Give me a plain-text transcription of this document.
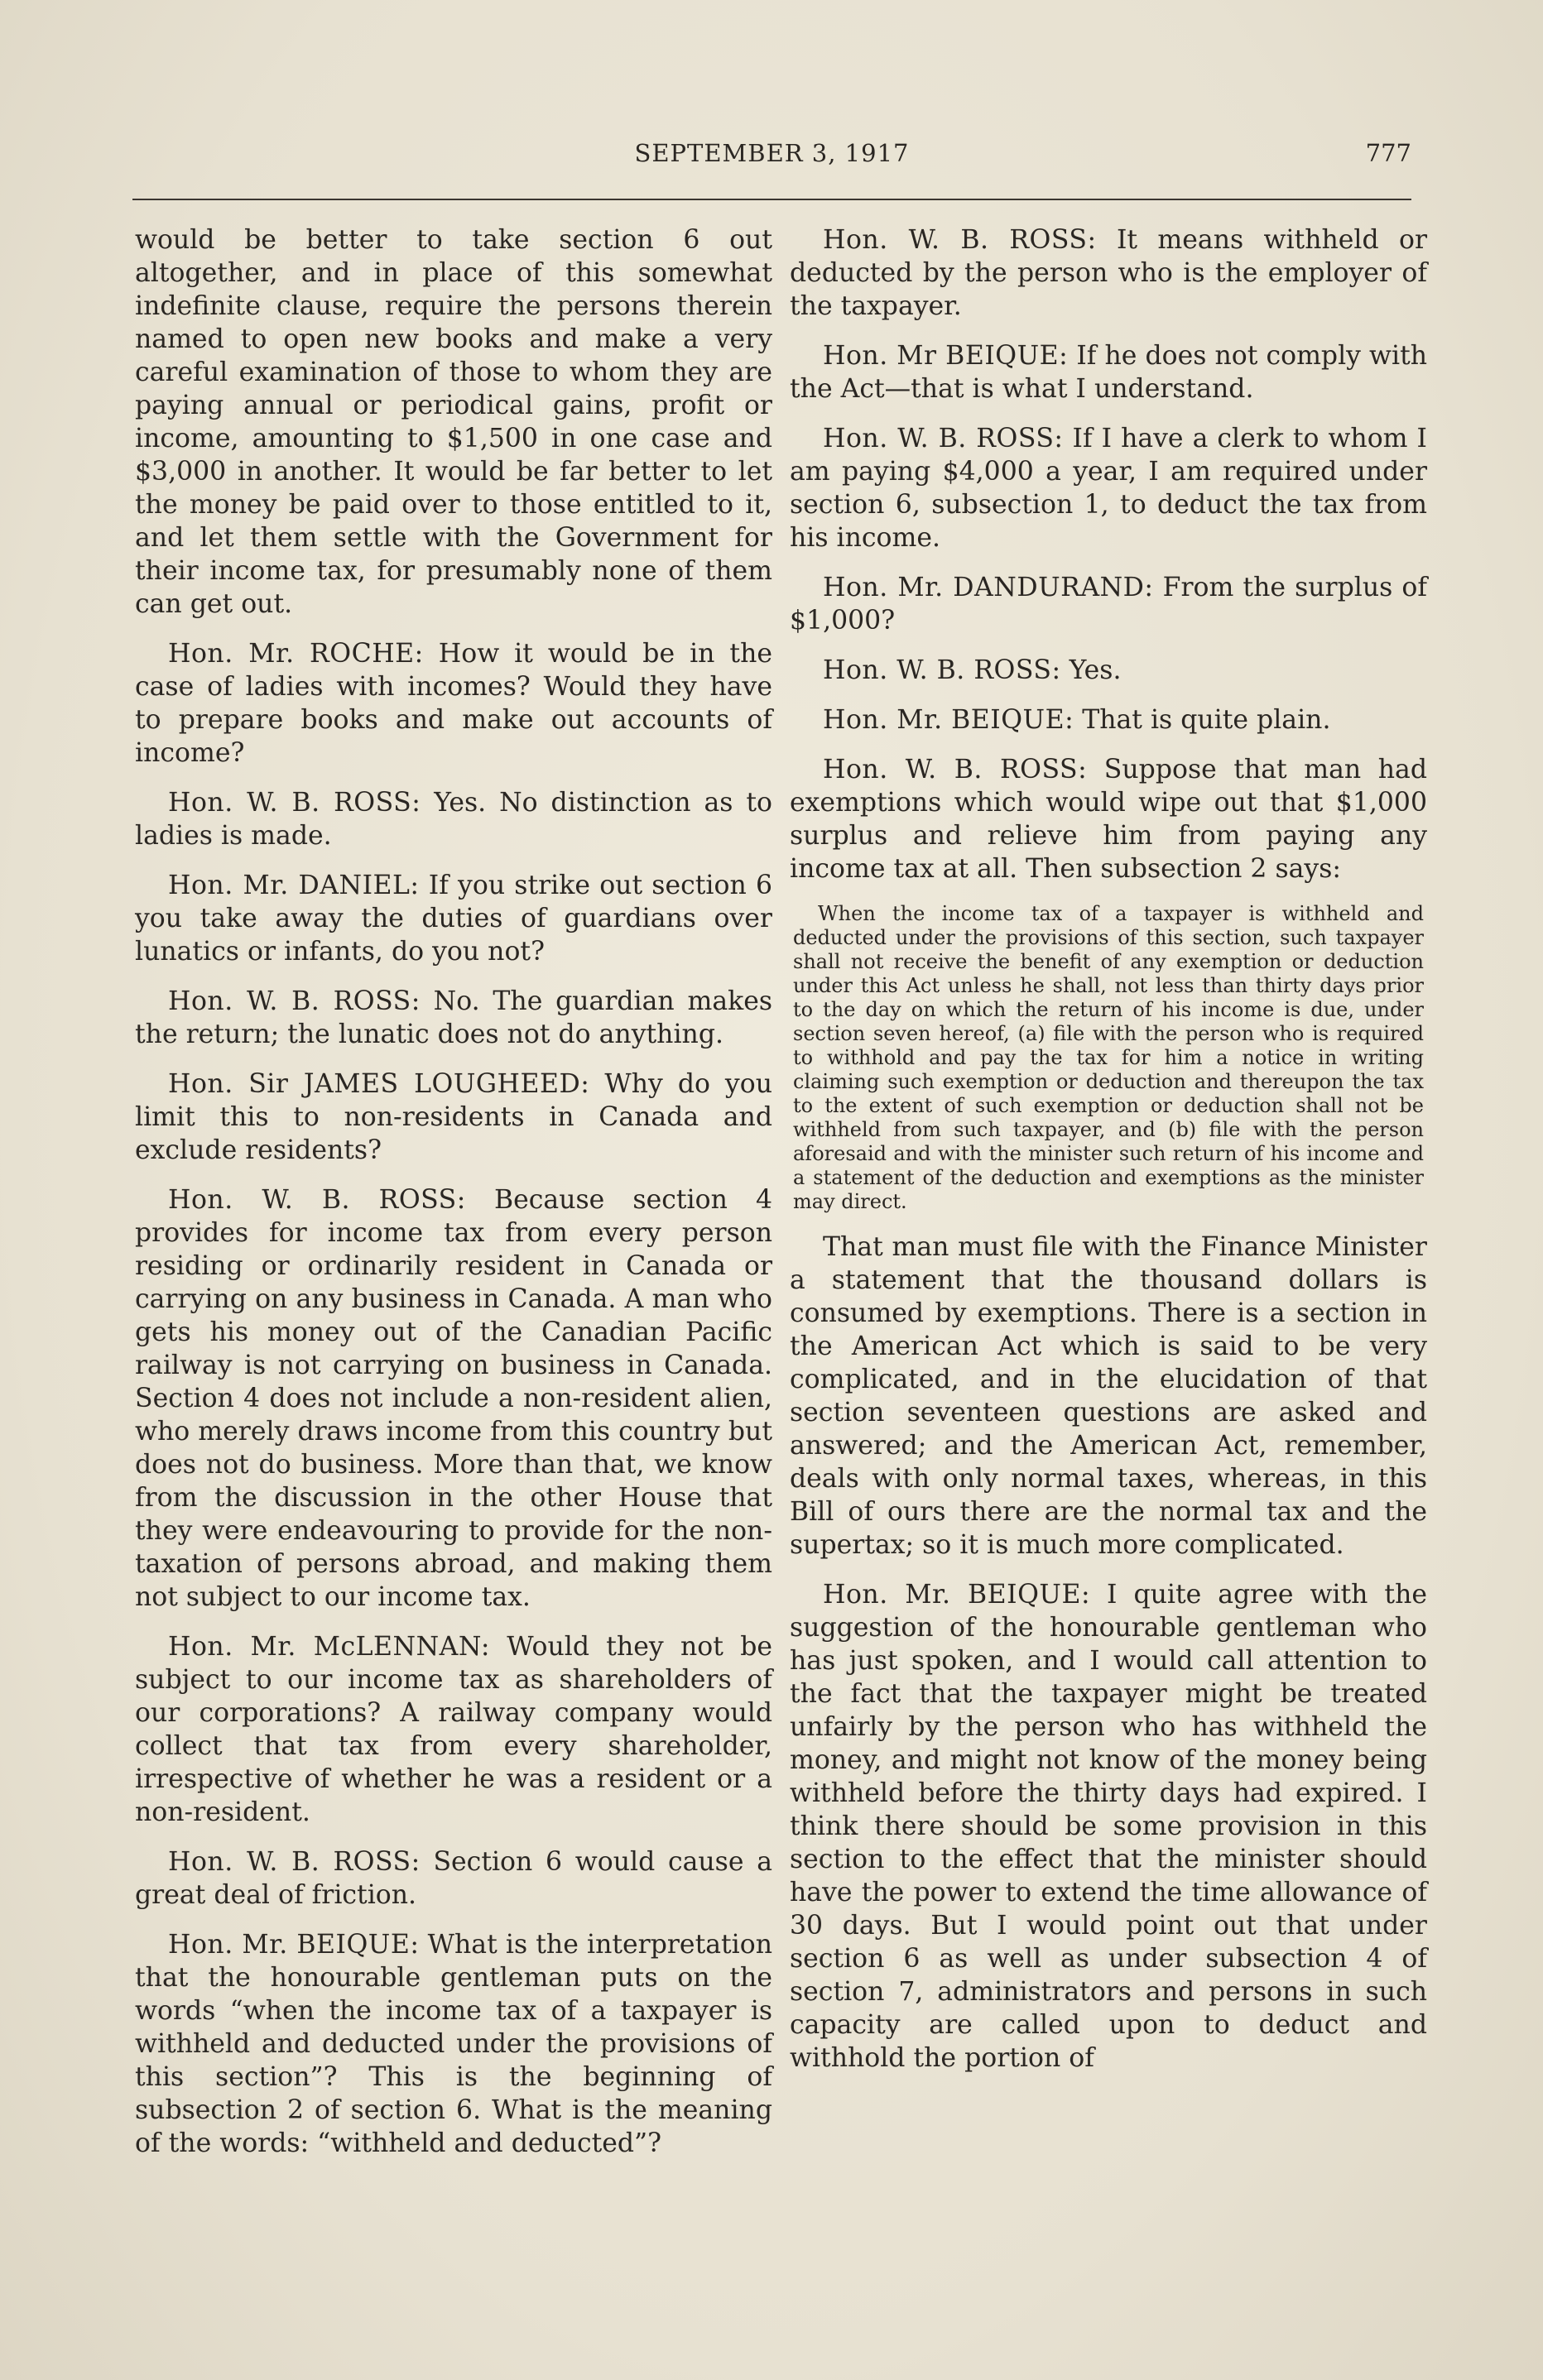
SEPTEMBER 3, 1917	777

would be better to take section 6 out altogether, and in place of this somewhat indefinite clause, require the persons therein named to open new books and make a very careful examination of those to whom they are paying annual or periodical gains, profit or income, amounting to $1,500 in one case and $3,000 in another. It would be far better to let the money be paid over to those entitled to it, and let them settle with the Government for their income tax, for presumably none of them can get out.

Hon. Mr. ROCHE: How it would be in the case of ladies with incomes? Would they have to prepare books and make out accounts of income?

Hon. W. B. ROSS: Yes. No distinction as to ladies is made.

Hon. Mr. DANIEL: If you strike out section 6 you take away the duties of guardians over lunatics or infants, do you not?

Hon. W. B. ROSS: No. The guardian makes the return; the lunatic does not do anything.

Hon. Sir JAMES LOUGHEED: Why do you limit this to non-residents in Canada and exclude residents?

Hon. W. B. ROSS: Because section 4 provides for income tax from every person residing or ordinarily resident in Canada or carrying on any business in Canada. A man who gets his money out of the Canadian Pacific railway is not carrying on business in Canada. Section 4 does not include a non-resident alien, who merely draws income from this country but does not do business. More than that, we know from the discussion in the other House that they were endeavouring to provide for the non-taxation of persons abroad, and making them not subject to our income tax.

Hon. Mr. McLENNAN: Would they not be subject to our income tax as shareholders of our corporations? A railway company would collect that tax from every shareholder, irrespective of whether he was a resident or a non-resident.

Hon. W. B. ROSS: Section 6 would cause a great deal of friction.

Hon. Mr. BEIQUE: What is the interpretation that the honourable gentleman puts on the words “when the income tax of a taxpayer is withheld and deducted under the provisions of this section”? This is the beginning of subsection 2 of section 6. What is the meaning of the words: “withheld and deducted”?

Hon. W. B. ROSS: It means withheld or deducted by the person who is the employer of the taxpayer.

Hon. Mr BEIQUE: If he does not comply with the Act—that is what I understand.

Hon. W. B. ROSS: If I have a clerk to whom I am paying $4,000 a year, I am required under section 6, subsection 1, to deduct the tax from his income.

Hon. Mr. DANDURAND: From the surplus of $1,000?

Hon. W. B. ROSS: Yes.

Hon. Mr. BEIQUE: That is quite plain.

Hon. W. B. ROSS: Suppose that man had exemptions which would wipe out that $1,000 surplus and relieve him from paying any income tax at all. Then subsection 2 says:

When the income tax of a taxpayer is withheld and deducted under the provisions of this section, such taxpayer shall not receive the benefit of any exemption or deduction under this Act unless he shall, not less than thirty days prior to the day on which the return of his income is due, under section seven hereof, (a) file with the person who is required to withhold and pay the tax for him a notice in writing claiming such exemption or deduction and thereupon the tax to the extent of such exemption or deduction shall not be withheld from such taxpayer, and (b) file with the person aforesaid and with the minister such return of his income and a statement of the deduction and exemptions as the minister may direct.

That man must file with the Finance Minister a statement that the thousand dollars is consumed by exemptions. There is a section in the American Act which is said to be very complicated, and in the elucidation of that section seventeen questions are asked and answered; and the American Act, remember, deals with only normal taxes, whereas, in this Bill of ours there are the normal tax and the supertax; so it is much more complicated.

Hon. Mr. BEIQUE: I quite agree with the suggestion of the honourable gentleman who has just spoken, and I would call attention to the fact that the taxpayer might be treated unfairly by the person who has withheld the money, and might not know of the money being withheld before the thirty days had expired. I think there should be some provision in this section to the effect that the minister should have the power to extend the time allowance of 30 days. But I would point out that under section 6 as well as under subsection 4 of section 7, administrators and persons in such capacity are called upon to deduct and withhold the portion of
